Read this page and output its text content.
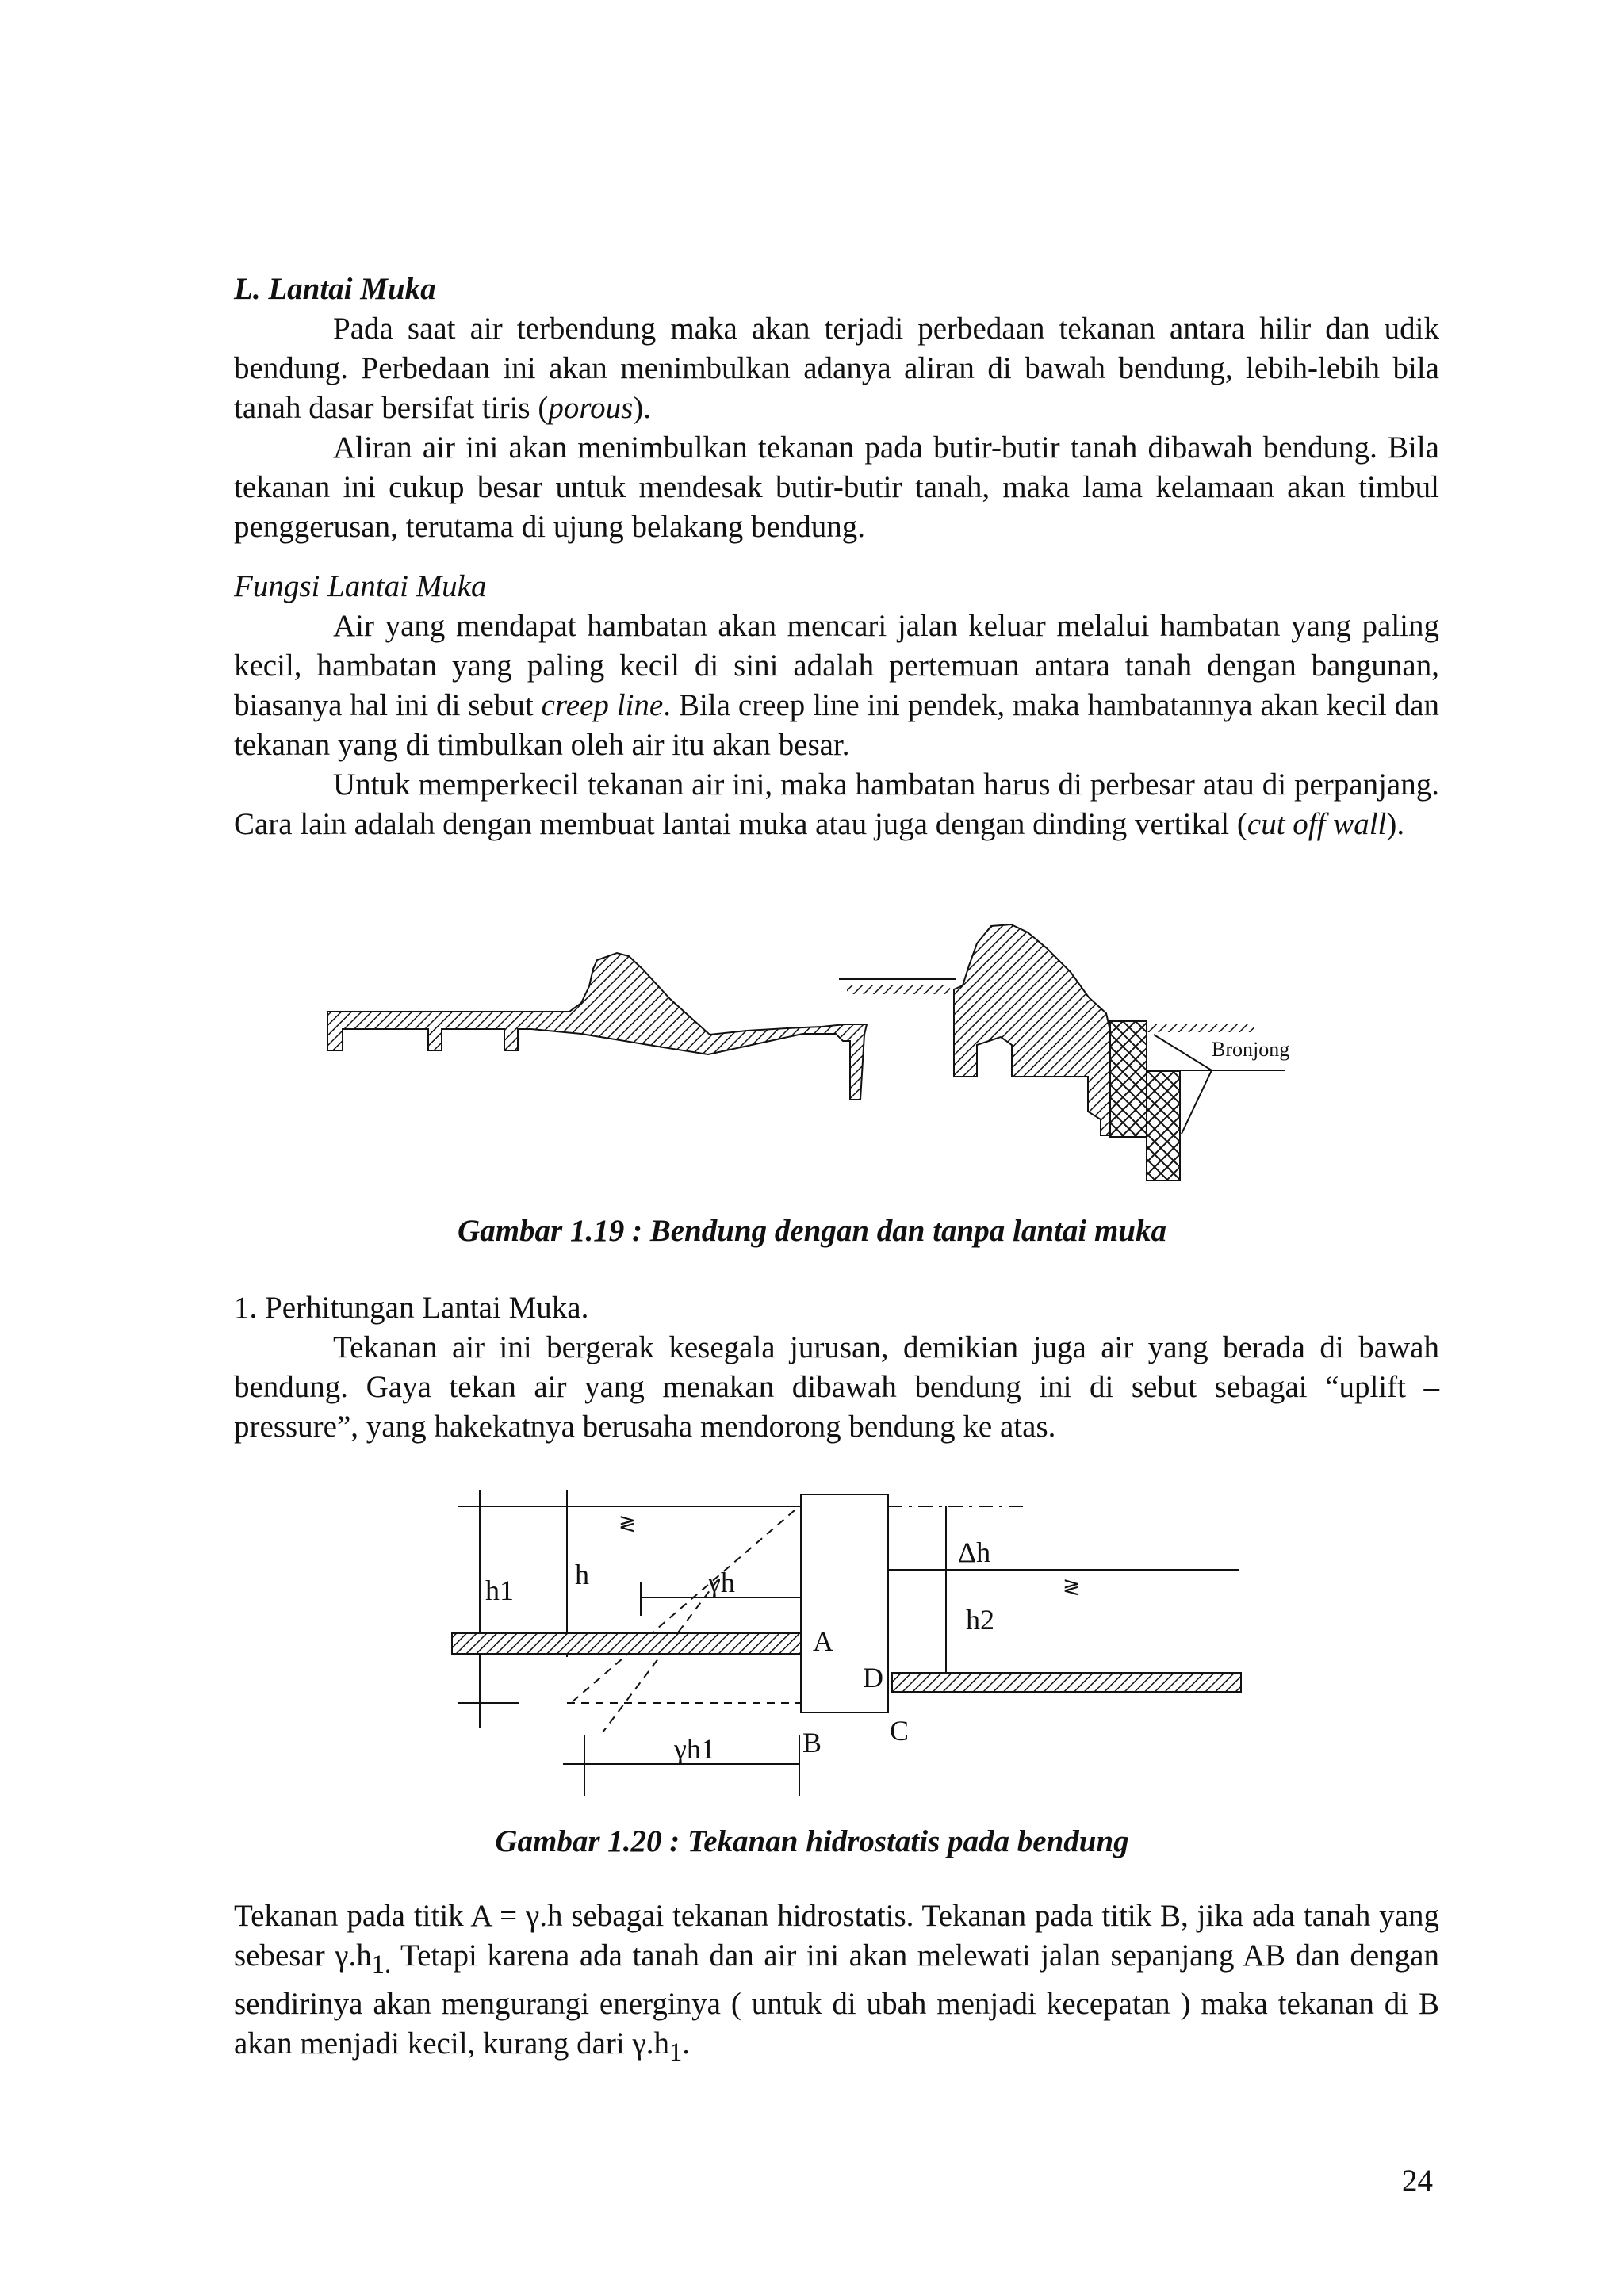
L. Lantai Muka

Pada saat air terbendung maka akan terjadi perbedaan tekanan antara hilir dan udik bendung. Perbedaan ini akan menimbulkan adanya aliran di bawah bendung, lebih-lebih bila tanah dasar bersifat tiris (porous).

Aliran air ini akan menimbulkan tekanan pada butir-butir tanah dibawah bendung. Bila tekanan ini cukup besar untuk mendesak butir-butir tanah, maka lama kelamaan akan timbul penggerusan, terutama di ujung belakang bendung.

Fungsi Lantai Muka

Air yang mendapat hambatan akan mencari jalan keluar melalui hambatan yang paling kecil, hambatan yang paling kecil di sini adalah pertemuan antara tanah dengan bangunan, biasanya hal ini di sebut creep line. Bila creep line ini pendek, maka hambatannya akan kecil dan tekanan yang di timbulkan oleh air itu akan besar.

Untuk memperkecil tekanan air ini, maka hambatan harus di perbesar atau di perpanjang. Cara lain adalah dengan membuat lantai muka atau juga dengan dinding vertikal (cut off wall).

Bronjong
Gambar 1.19 : Bendung dengan dan tanpa lantai muka

1. Perhitungan Lantai Muka.

Tekanan air ini bergerak kesegala jurusan, demikian juga air yang berada di bawah bendung. Gaya tekan air yang menakan dibawah bendung ini di sebut sebagai “uplift – pressure”, yang hakekatnya berusaha mendorong bendung ke atas.

≷
h1 h	γh
A
D
B C
≷
Δh
h2
γh1
Gambar 1.20 : Tekanan hidrostatis pada bendung

Tekanan pada titik A = γ.h sebagai tekanan hidrostatis. Tekanan pada titik B, jika ada tanah yang sebesar $\gamma.h_{1.}$ Tetapi karena ada tanah dan air ini akan melewati jalan sepanjang AB dan dengan sendirinya akan mengurangi energinya ( untuk di ubah menjadi kecepatan ) maka tekanan di B akan menjadi kecil, kurang dari $\gamma.h_1$.

24
